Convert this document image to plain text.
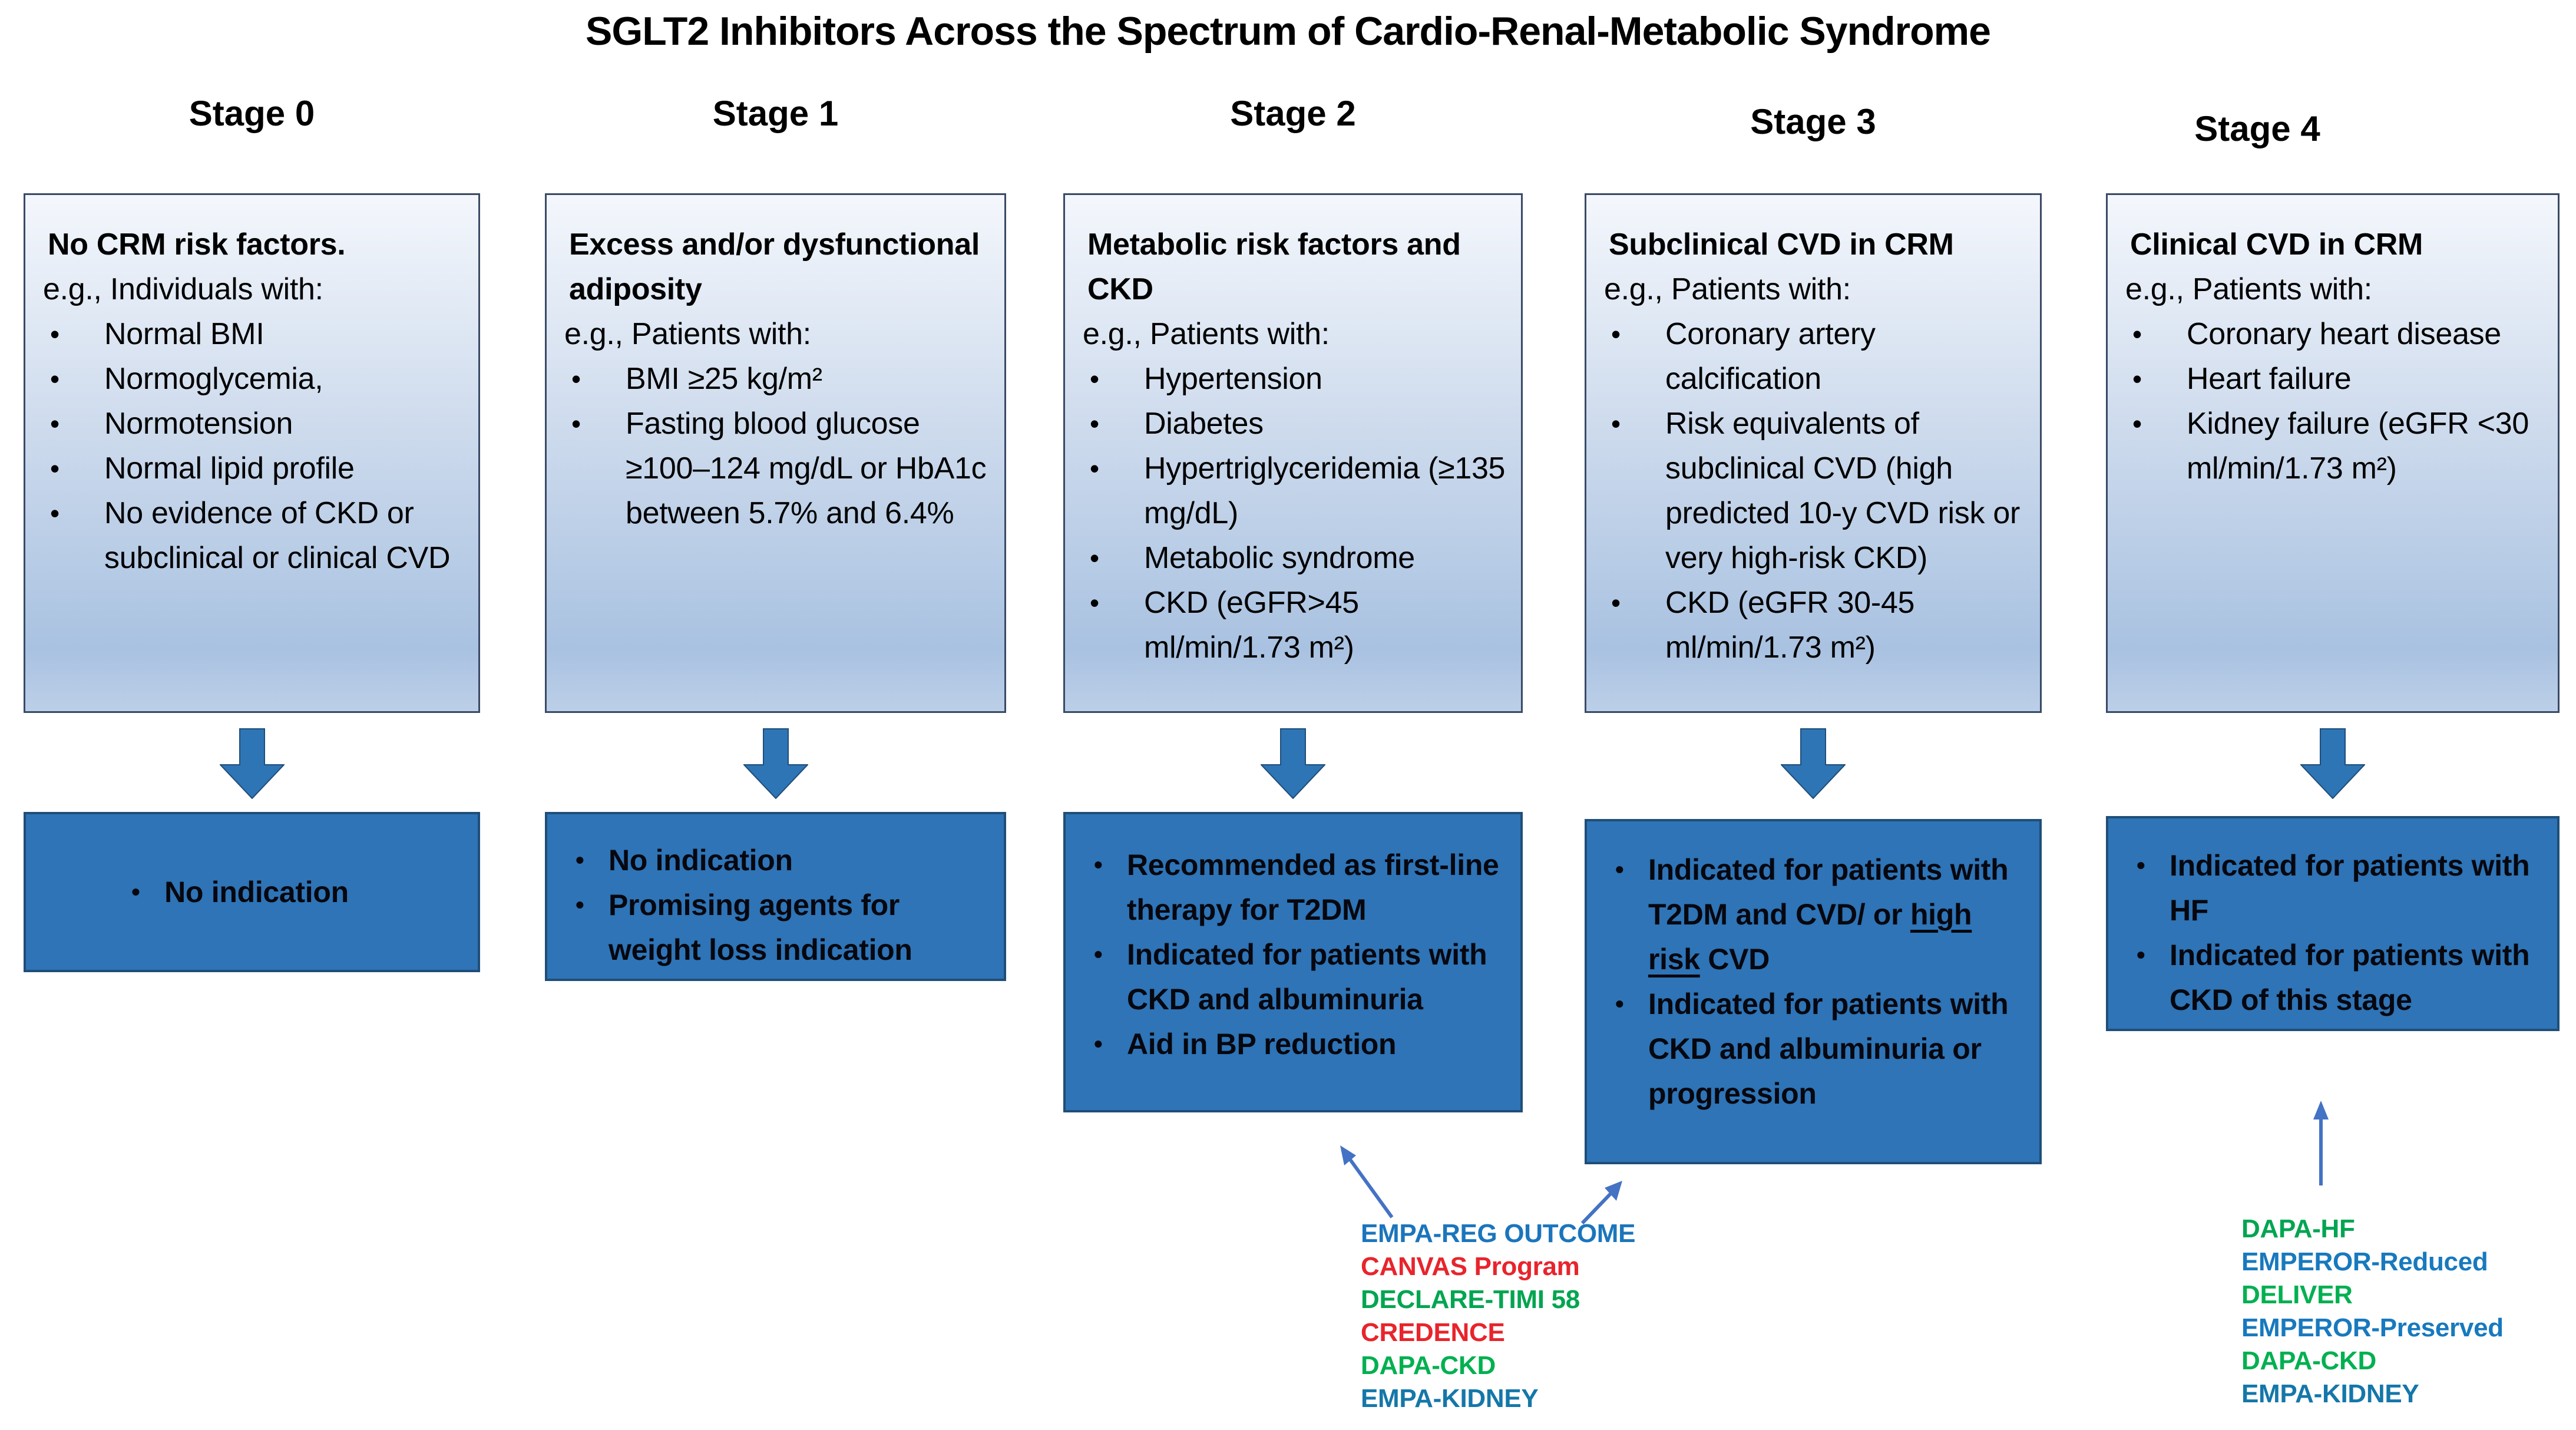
SGLT2 Inhibitors Across the Spectrum of Cardio-Renal-Metabolic Syndrome
Stage 0
No CRM risk factors.
e.g., Individuals with:
•	Normal BMI
•	Normoglycemia,
•	Normotension
•	Normal lipid profile
•	No evidence of CKD or subclinical or clinical CVD
• No indication
Stage 1
Excess and/or dysfunctional adiposity
e.g., Patients with:
•	BMI ≥25 kg/m²
•	Fasting blood glucose ≥100–124 mg/dL or HbA1c between 5.7% and 6.4%
• No indication
• Promising agents for weight loss indication
Stage 2
Metabolic risk factors and CKD
e.g., Patients with:
•	Hypertension
•	Diabetes
•	Hypertriglyceridemia (≥135 mg/dL)
•	Metabolic syndrome
•	CKD (eGFR>45 ml/min/1.73 m²)
• Recommended as first-line therapy for T2DM
• Indicated for patients with CKD and albuminuria
• Aid in BP reduction
Stage 3
Subclinical CVD in CRM
e.g., Patients with:
•	Coronary artery calcification
•	Risk equivalents of subclinical CVD (high predicted 10-y CVD risk or very high-risk CKD)
•	CKD (eGFR 30-45 ml/min/1.73 m²)
• Indicated for patients with T2DM and CVD/ or high risk CVD
• Indicated for patients with CKD and albuminuria or progression
Stage 4
Clinical CVD in CRM
e.g., Patients with:
•	Coronary heart disease
•	Heart failure
•	Kidney failure (eGFR <30 ml/min/1.73 m²)
• Indicated for patients with HF
• Indicated for patients with CKD of this stage
EMPA-REG OUTCOME
CANVAS Program
DECLARE-TIMI 58
CREDENCE
DAPA-CKD
EMPA-KIDNEY
DAPA-HF
EMPEROR-Reduced
DELIVER
EMPEROR-Preserved
DAPA-CKD
EMPA-KIDNEY
